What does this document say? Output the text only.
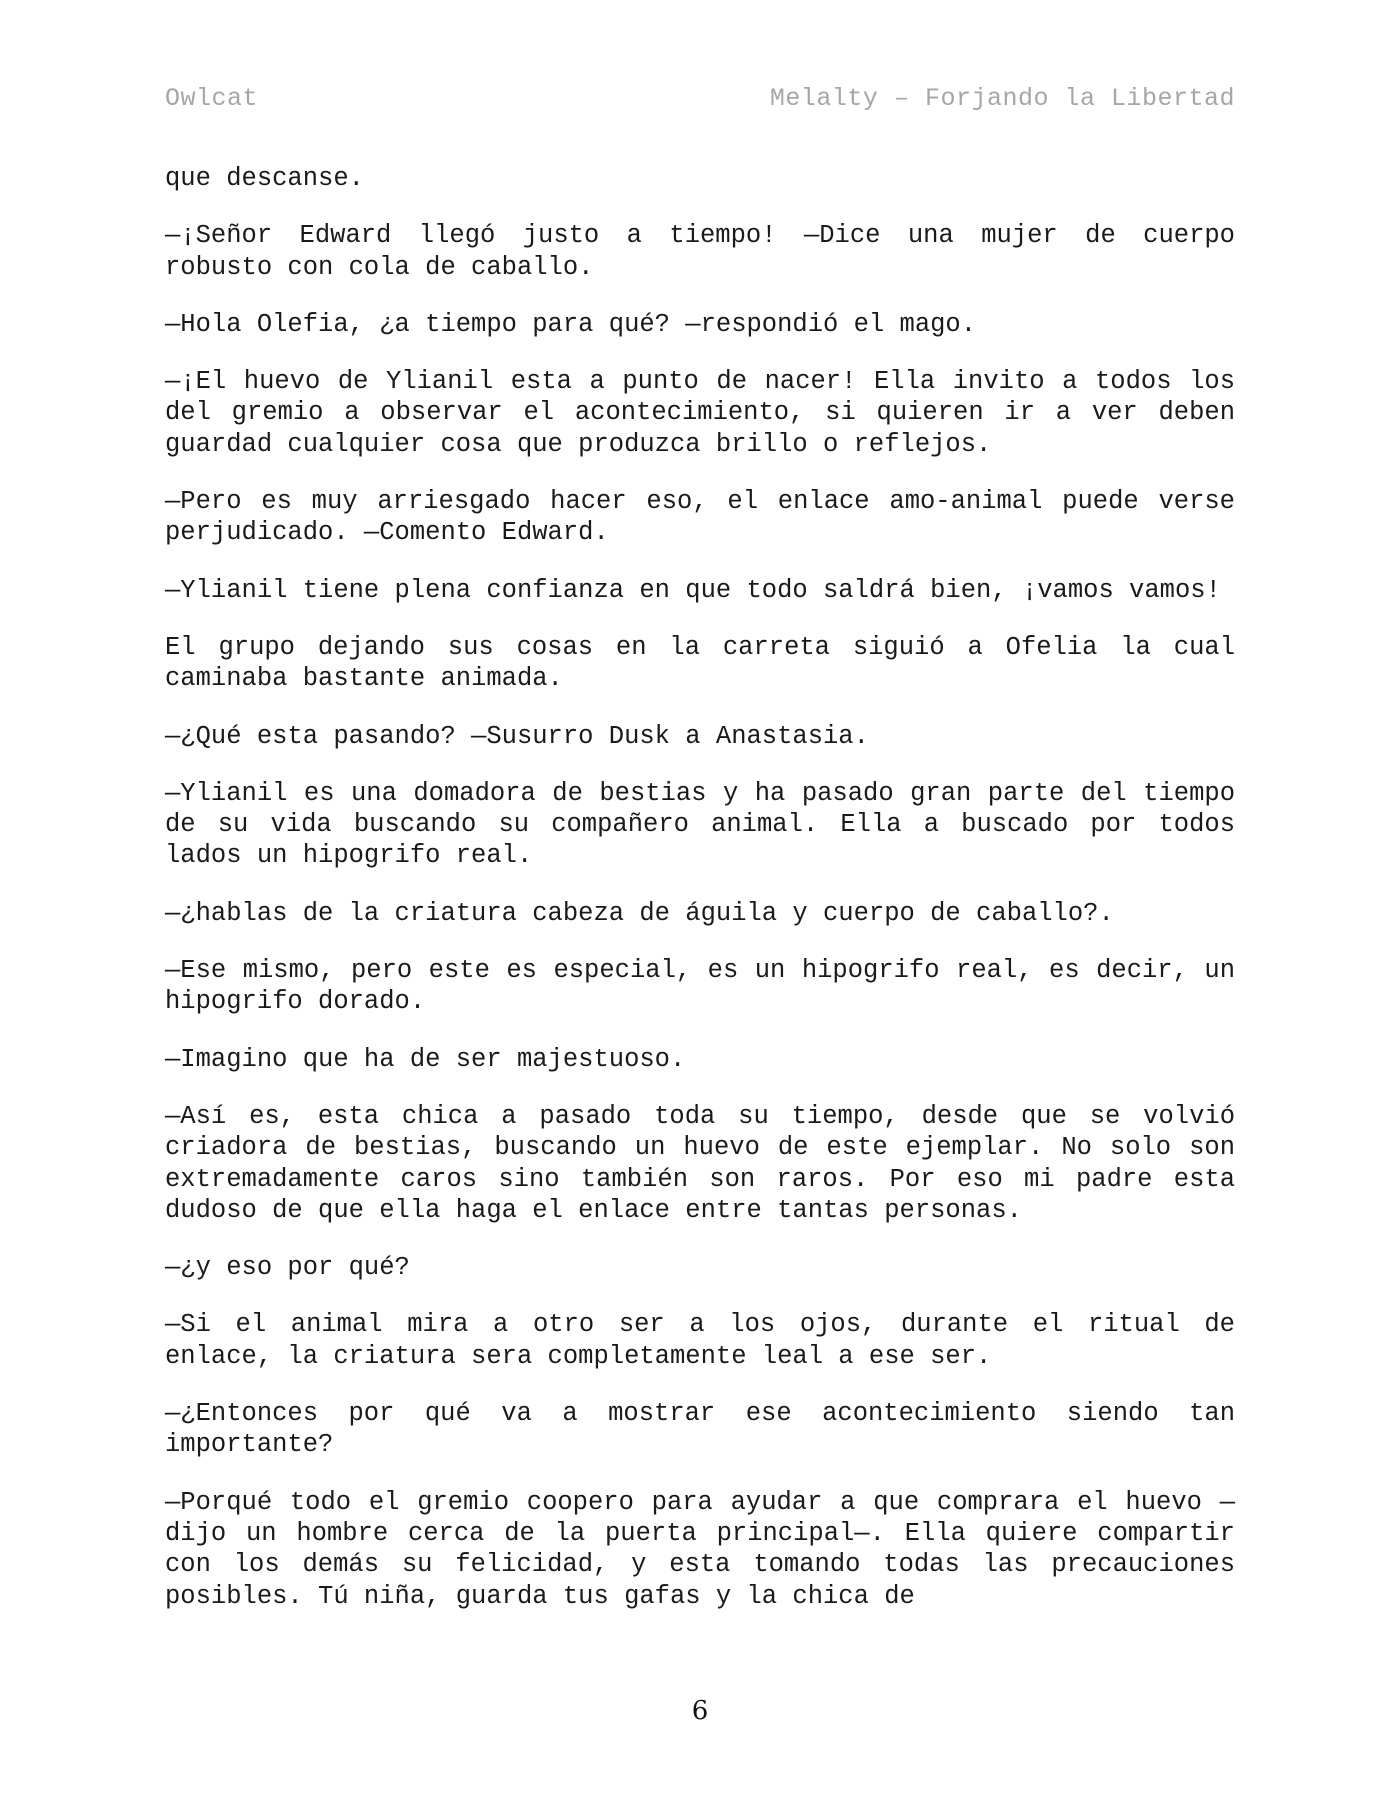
Owlcat	Melalty – Forjando la Libertad

que descanse.

—¡Señor Edward llegó justo a tiempo! —Dice una mujer de cuerpo robusto con cola de caballo.

—Hola Olefia, ¿a tiempo para qué? —respondió el mago.

—¡El huevo de Ylianil esta a punto de nacer! Ella invito a todos los del gremio a observar el acontecimiento, si quieren ir a ver deben guardad cualquier cosa que produzca brillo o reflejos.

—Pero es muy arriesgado hacer eso, el enlace amo-animal puede verse perjudicado. —Comento Edward.

—Ylianil tiene plena confianza en que todo saldrá bien, ¡vamos vamos!

El grupo dejando sus cosas en la carreta siguió a Ofelia la cual caminaba bastante animada.

—¿Qué esta pasando? —Susurro Dusk a Anastasia.

—Ylianil es una domadora de bestias y ha pasado gran parte del tiempo de su vida buscando su compañero animal. Ella a buscado por todos lados un hipogrifo real.

—¿hablas de la criatura cabeza de águila y cuerpo de caballo?.

—Ese mismo, pero este es especial, es un hipogrifo real, es decir, un hipogrifo dorado.

—Imagino que ha de ser majestuoso.

—Así es, esta chica a pasado toda su tiempo, desde que se volvió criadora de bestias, buscando un huevo de este ejemplar. No solo son extremadamente caros sino también son raros. Por eso mi padre esta dudoso de que ella haga el enlace entre tantas personas.

—¿y eso por qué?

—Si el animal mira a otro ser a los ojos, durante el ritual de enlace, la criatura sera completamente leal a ese ser.

—¿Entonces por qué va a mostrar ese acontecimiento siendo tan importante?

—Porqué todo el gremio coopero para ayudar a que comprara el huevo —dijo un hombre cerca de la puerta principal—. Ella quiere compartir con los demás su felicidad, y esta tomando todas las precauciones posibles. Tú niña, guarda tus gafas y la chica de

6
